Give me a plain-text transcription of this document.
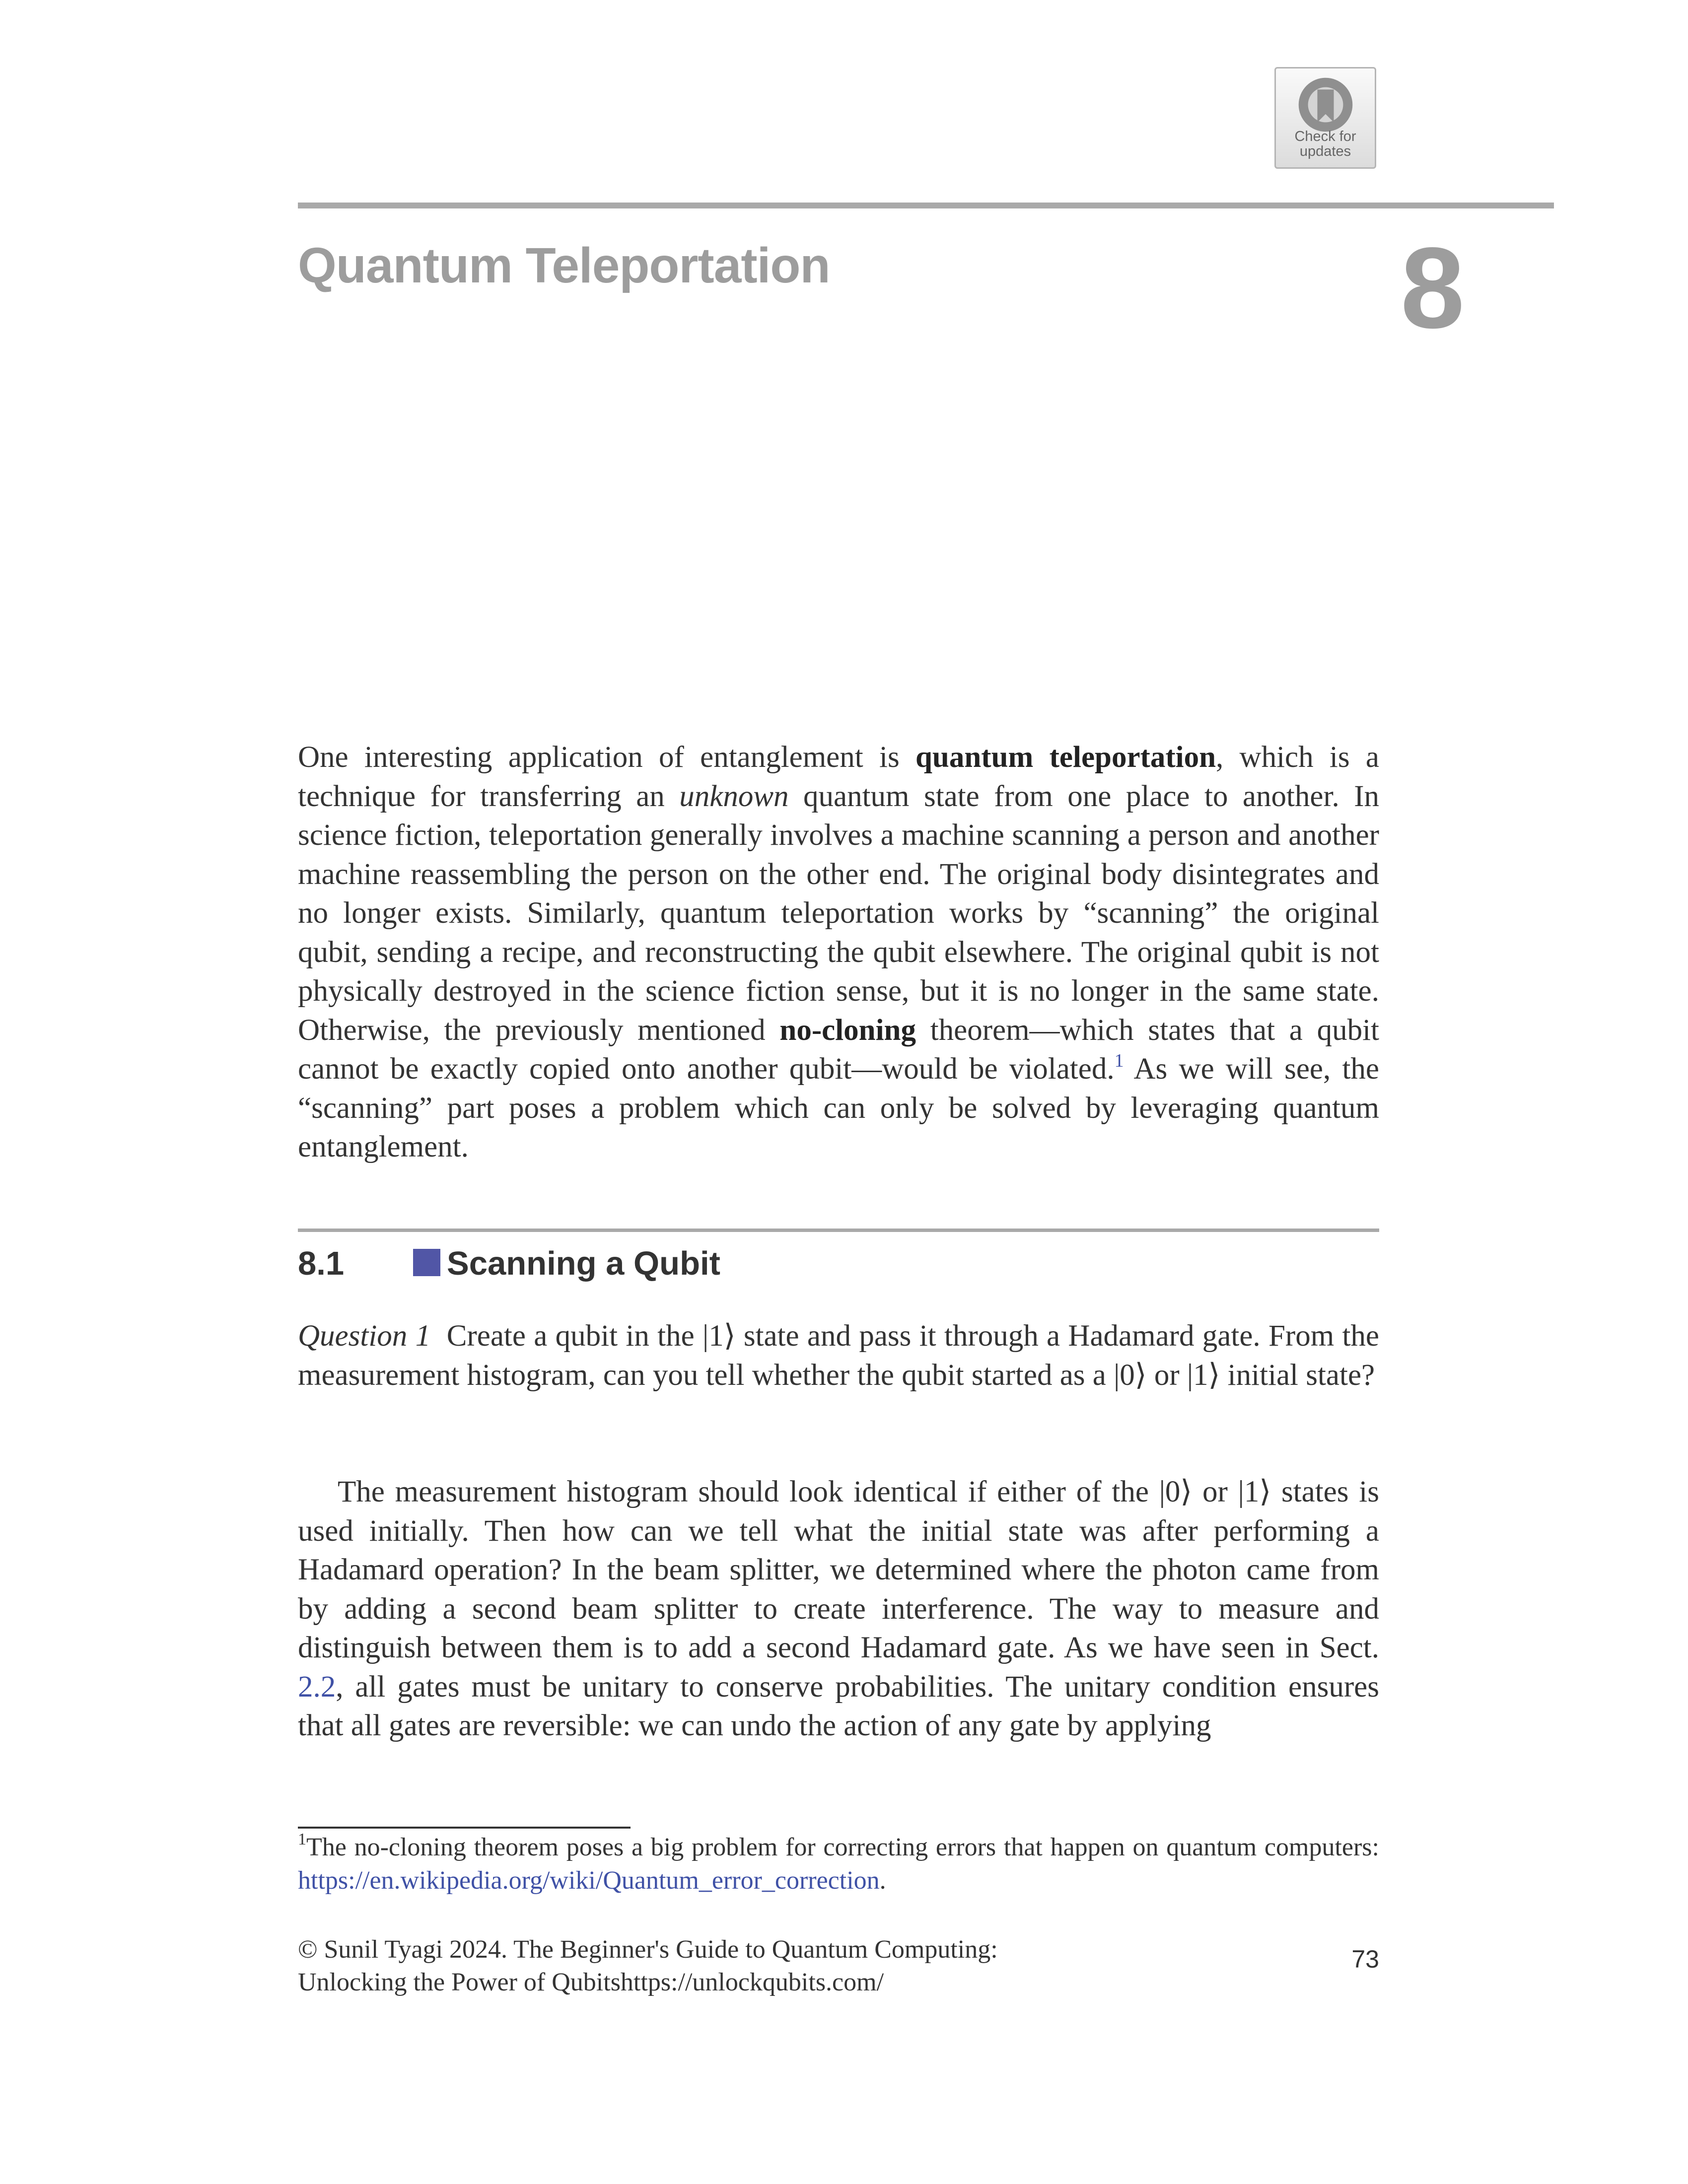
Check for
updates
Quantum Teleportation	8

One interesting application of entanglement is quantum teleportation, which is a technique for transferring an unknown quantum state from one place to another. In science fiction, teleportation generally involves a machine scanning a person and another machine reassembling the person on the other end. The original body disintegrates and no longer exists. Similarly, quantum teleportation works by “scanning” the original qubit, sending a recipe, and reconstructing the qubit elsewhere. The original qubit is not physically destroyed in the science fiction sense, but it is no longer in the same state. Otherwise, the previously mentioned no-cloning theorem—which states that a qubit cannot be exactly copied onto another qubit—would be violated.$^1$ As we will see, the “scanning” part poses a problem which can only be solved by leveraging quantum entanglement.

8.1	Scanning a Qubit

Question 1  Create a qubit in the |1⟩ state and pass it through a Hadamard gate. From the measurement histogram, can you tell whether the qubit started as a |0⟩ or |1⟩ initial state?

The measurement histogram should look identical if either of the |0⟩ or |1⟩ states is used initially. Then how can we tell what the initial state was after performing a Hadamard operation? In the beam splitter, we determined where the photon came from by adding a second beam splitter to create interference. The way to measure and distinguish between them is to add a second Hadamard gate. As we have seen in Sect. 2.2, all gates must be unitary to conserve probabilities. The unitary condition ensures that all gates are reversible: we can undo the action of any gate by applying

$^1$The no-cloning theorem poses a big problem for correcting errors that happen on quantum computers: https://en.wikipedia.org/wiki/Quantum_error_correction.

© Sunil Tyagi 2024. The Beginner's Guide to Quantum Computing:
Unlocking the Power of Qubitshttps://unlockqubits.com/
73
